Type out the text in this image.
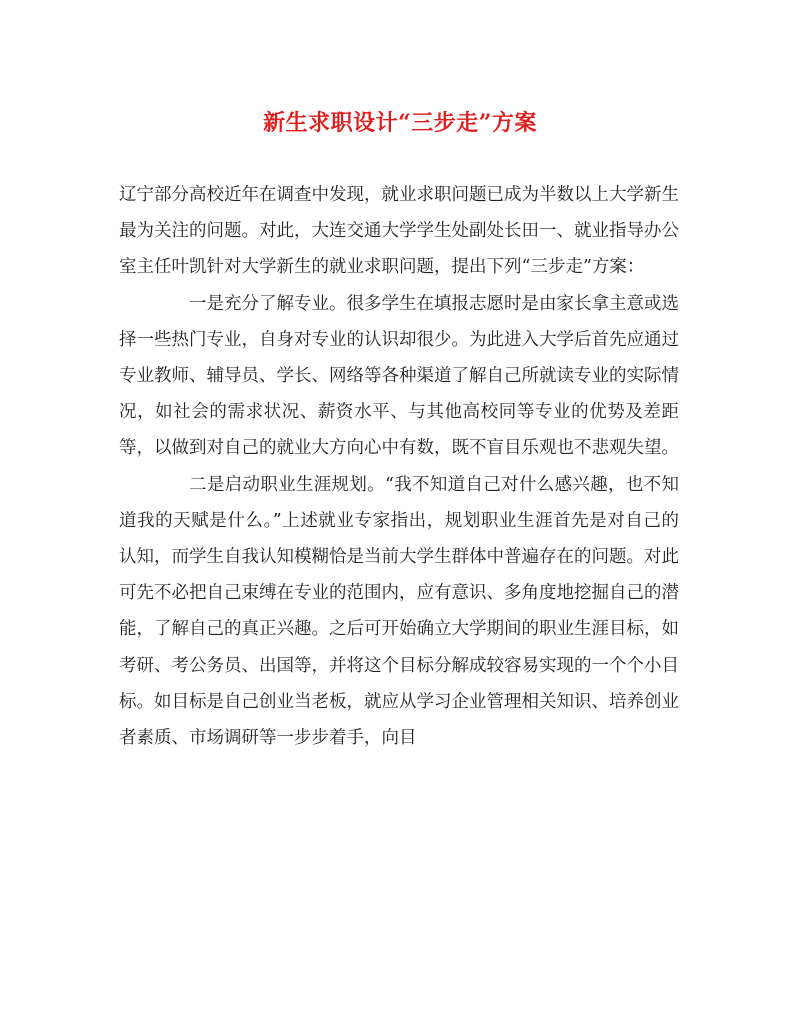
新生求职设计“三步走”方案

辽宁部分高校近年在调查中发现，就业求职问题已成为半数以上大学新生最为关注的问题。对此，大连交通大学学生处副处长田一、就业指导办公室主任叶凯针对大学新生的就业求职问题，提出下列“三步走”方案：

一是充分了解专业。很多学生在填报志愿时是由家长拿主意或选择一些热门专业，自身对专业的认识却很少。为此进入大学后首先应通过专业教师、辅导员、学长、网络等各种渠道了解自己所就读专业的实际情况，如社会的需求状况、薪资水平、与其他高校同等专业的优势及差距等，以做到对自己的就业大方向心中有数，既不盲目乐观也不悲观失望。

二是启动职业生涯规划。“我不知道自己对什么感兴趣，也不知道我的天赋是什么。”上述就业专家指出，规划职业生涯首先是对自己的认知，而学生自我认知模糊恰是当前大学生群体中普遍存在的问题。对此可先不必把自己束缚在专业的范围内，应有意识、多角度地挖掘自己的潜能，了解自己的真正兴趣。之后可开始确立大学期间的职业生涯目标，如考研、考公务员、出国等，并将这个目标分解成较容易实现的一个个小目标。如目标是自己创业当老板，就应从学习企业管理相关知识、培养创业者素质、市场调研等一步步着手，向目
